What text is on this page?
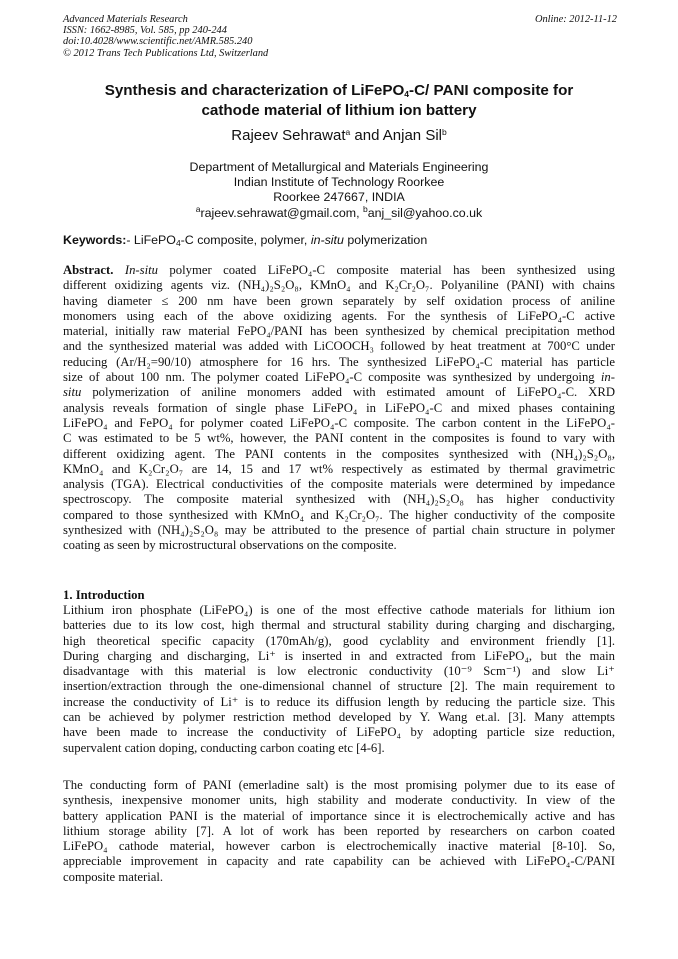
Advanced Materials Research
ISSN: 1662-8985, Vol. 585, pp 240-244
doi:10.4028/www.scientific.net/AMR.585.240
© 2012 Trans Tech Publications Ltd, Switzerland
Online: 2012-11-12
Synthesis and characterization of LiFePO$_4$-C/ PANI composite for
cathode material of lithium ion battery
Rajeev Sehrawat$^a$ and Anjan Sil$^b$
Department of Metallurgical and Materials Engineering
Indian Institute of Technology Roorkee
Roorkee 247667, INDIA
$^a$rajeev.sehrawat@gmail.com, $^b$anj_sil@yahoo.co.uk
Keywords:- LiFePO$_4$-C composite, polymer, in-situ polymerization
Abstract. In-situ polymer coated LiFePO₄-C composite material has been synthesized using
different oxidizing agents viz. (NH₄)₂S₂O₈, KMnO₄ and K₂Cr₂O₇. Polyaniline (PANI) with chains
having diameter ≤ 200 nm have been grown separately by self oxidation process of aniline
monomers using each of the above oxidizing agents. For the synthesis of LiFePO₄-C active
material, initially raw material FePO₄/PANI has been synthesized by chemical precipitation method
and the synthesized material was added with LiCOOCH₃ followed by heat treatment at 700°C under
reducing (Ar/H₂=90/10) atmosphere for 16 hrs. The synthesized LiFePO₄-C material has particle
size of about 100 nm. The polymer coated LiFePO₄-C composite was synthesized by undergoing in-
situ polymerization of aniline monomers added with estimated amount of LiFePO₄-C. XRD
analysis reveals formation of single phase LiFePO₄ in LiFePO₄-C and mixed phases containing
LiFePO₄ and FePO₄ for polymer coated LiFePO₄-C composite. The carbon content in the LiFePO₄-
C was estimated to be 5 wt%, however, the PANI content in the composites is found to vary with
different oxidizing agent. The PANI contents in the composites synthesized with (NH₄)₂S₂O₈,
KMnO₄ and K₂Cr₂O₇ are 14, 15 and 17 wt% respectively as estimated by thermal gravimetric
analysis (TGA). Electrical conductivities of the composite materials were determined by impedance
spectroscopy. The composite material synthesized with (NH₄)₂S₂O₈ has higher conductivity
compared to those synthesized with KMnO₄ and K₂Cr₂O₇. The higher conductivity of the composite
synthesized with (NH₄)₂S₂O₈ may be attributed to the presence of partial chain structure in polymer
coating as seen by microstructural observations on the composite.
1. Introduction
Lithium iron phosphate (LiFePO₄) is one of the most effective cathode materials for lithium ion
batteries due to its low cost, high thermal and structural stability during charging and discharging,
high theoretical specific capacity (170mAh/g), good cyclablity and environment friendly [1].
During charging and discharging, Li⁺ is inserted in and extracted from LiFePO₄, but the main
disadvantage with this material is low electronic conductivity (10⁻⁹ Scm⁻¹) and slow Li⁺
insertion/extraction through the one-dimensional channel of structure [2]. The main requirement to
increase the conductivity of Li⁺ is to reduce its diffusion length by reducing the particle size. This
can be achieved by polymer restriction method developed by Y. Wang et.al. [3]. Many attempts
have been made to increase the conductivity of LiFePO₄ by adopting particle size reduction,
supervalent cation doping, conducting carbon coating etc [4-6].
The conducting form of PANI (emerladine salt) is the most promising polymer due to its ease of
synthesis, inexpensive monomer units, high stability and moderate conductivity. In view of the
battery application PANI is the material of importance since it is electrochemically active and has
lithium storage ability [7]. A lot of work has been reported by researchers on carbon coated
LiFePO₄ cathode material, however carbon is electrochemically inactive material [8-10]. So,
appreciable improvement in capacity and rate capability can be achieved with LiFePO₄-C/PANI
composite material.
